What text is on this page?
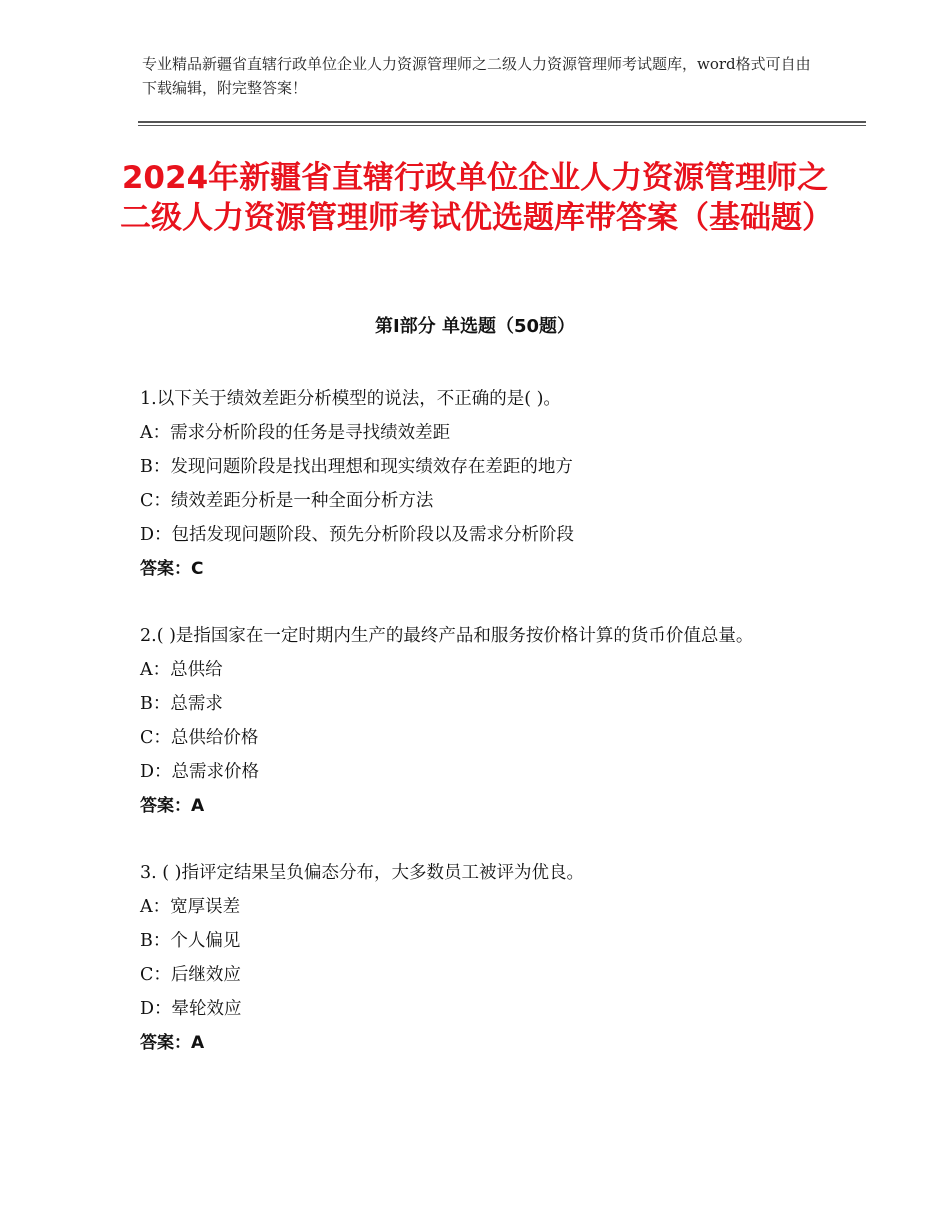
专业精品新疆省直辖行政单位企业人力资源管理师之二级人力资源管理师考试题库，word格式可自由下载编辑，附完整答案！
2024年新疆省直辖行政单位企业人力资源管理师之二级人力资源管理师考试优选题库带答案（基础题）
第Ⅰ部分 单选题（50题）
1.以下关于绩效差距分析模型的说法，不正确的是( )。
A：需求分析阶段的任务是寻找绩效差距
B：发现问题阶段是找出理想和现实绩效存在差距的地方
C：绩效差距分析是一种全面分析方法
D：包括发现问题阶段、预先分析阶段以及需求分析阶段
答案：C
2.( )是指国家在一定时期内生产的最终产品和服务按价格计算的货币价值总量。
A：总供给
B：总需求
C：总供给价格
D：总需求价格
答案：A
3. ( )指评定结果呈负偏态分布，大多数员工被评为优良。
A：宽厚误差
B：个人偏见
C：后继效应
D：晕轮效应
答案：A
